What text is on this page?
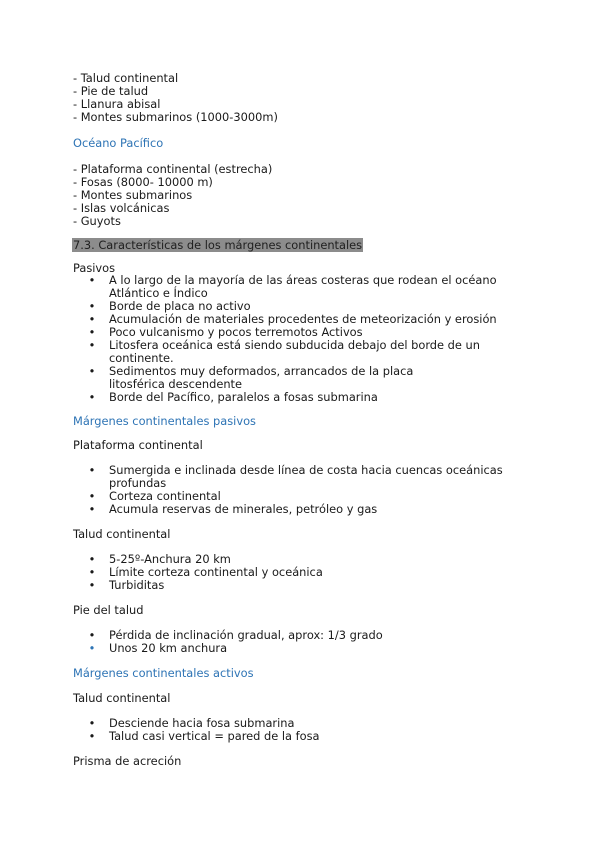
- Talud continental
- Pie de talud
- Llanura abisal
- Montes submarinos (1000-3000m)
Océano Pacífico
- Plataforma continental (estrecha)
- Fosas (8000- 10000 m)
- Montes submarinos
- Islas volcánicas
- Guyots
7.3. Características de los márgenes continentales
Pasivos
• A lo largo de la mayoría de las áreas costeras que rodean el océano Atlántico e Índico
• Borde de placa no activo
• Acumulación de materiales procedentes de meteorización y erosión
• Poco vulcanismo y pocos terremotos Activos
• Litosfera oceánica está siendo subducida debajo del borde de un continente.
• Sedimentos muy deformados, arrancados de la placa litosférica descendente
• Borde del Pacífico, paralelos a fosas submarina
Márgenes continentales pasivos
Plataforma continental
• Sumergida e inclinada desde línea de costa hacia cuencas oceánicas profundas
• Corteza continental
• Acumula reservas de minerales, petróleo y gas
Talud continental
• 5-25º-Anchura 20 km
• Límite corteza continental y oceánica
• Turbiditas
Pie del talud
• Pérdida de inclinación gradual, aprox: 1/3 grado
• Unos 20 km anchura
Márgenes continentales activos
Talud continental
• Desciende hacia fosa submarina
• Talud casi vertical = pared de la fosa
Prisma de acreción
